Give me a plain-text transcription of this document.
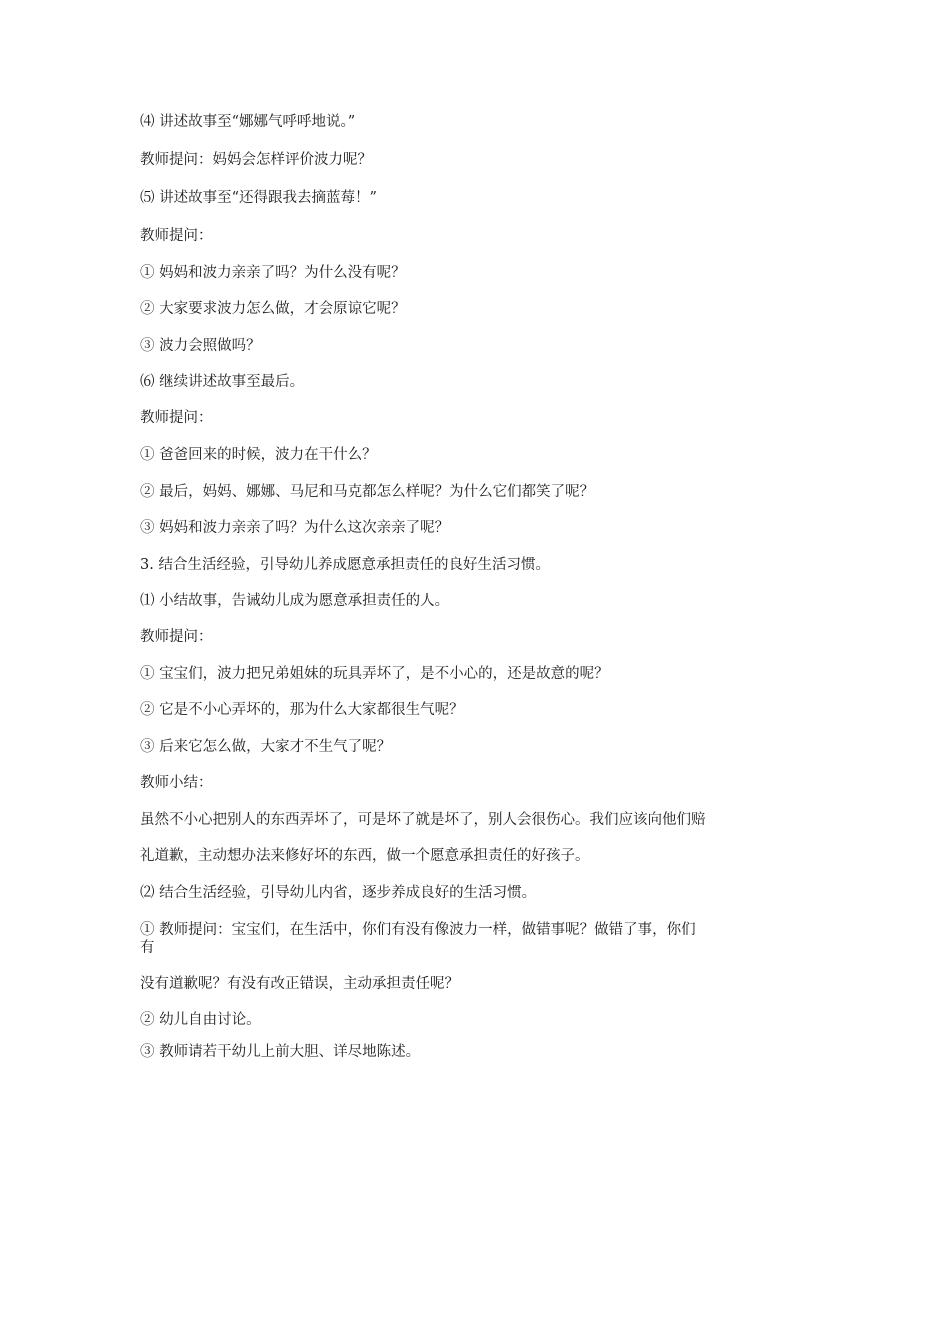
⑷ 讲述故事至“娜娜气呼呼地说。”

教师提问：妈妈会怎样评价波力呢？

⑸ 讲述故事至“还得跟我去摘蓝莓！”

教师提问：

① 妈妈和波力亲亲了吗？为什么没有呢？

② 大家要求波力怎么做，才会原谅它呢？

③ 波力会照做吗？

⑹ 继续讲述故事至最后。

教师提问：

① 爸爸回来的时候，波力在干什么？

② 最后，妈妈、娜娜、马尼和马克都怎么样呢？为什么它们都笑了呢？

③ 妈妈和波力亲亲了吗？为什么这次亲亲了呢？

3. 结合生活经验，引导幼儿养成愿意承担责任的良好生活习惯。

⑴ 小结故事，告诫幼儿成为愿意承担责任的人。

教师提问：

① 宝宝们，波力把兄弟姐妹的玩具弄坏了，是不小心的，还是故意的呢？

② 它是不小心弄坏的，那为什么大家都很生气呢？

③ 后来它怎么做，大家才不生气了呢？

教师小结：

虽然不小心把别人的东西弄坏了，可是坏了就是坏了，别人会很伤心。我们应该向他们赔

礼道歉，主动想办法来修好坏的东西，做一个愿意承担责任的好孩子。

⑵ 结合生活经验，引导幼儿内省，逐步养成良好的生活习惯。

① 教师提问：宝宝们，在生活中，你们有没有像波力一样，做错事呢？做错了事，你们

有

没有道歉呢？有没有改正错误，主动承担责任呢？

② 幼儿自由讨论。

③ 教师请若干幼儿上前大胆、详尽地陈述。
